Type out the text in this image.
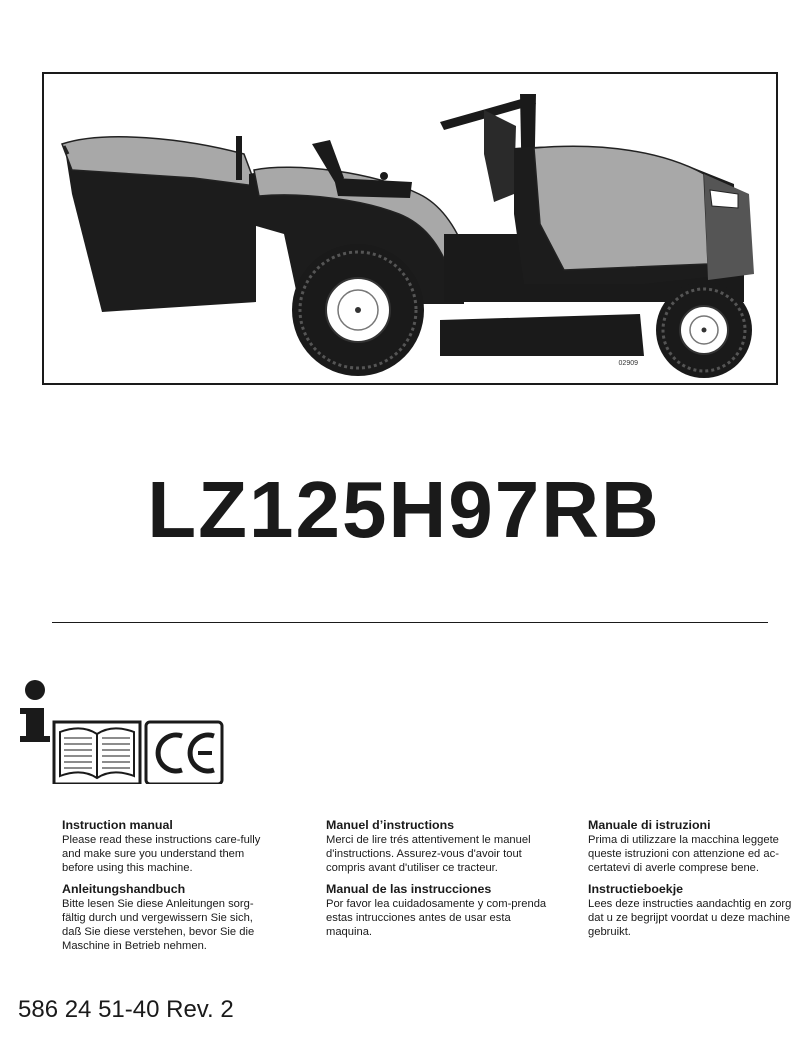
02909
LZ125H97RB
Instruction manual

Please read these instructions care-fully and make sure you understand them before using this machine.

Anleitungshandbuch

Bitte lesen Sie diese Anleitungen sorg-fältig durch und vergewissern Sie sich, daß Sie diese verstehen, bevor Sie die Maschine in Betrieb nehmen.

Manuel d’instructions

Merci de lire trés attentivement le manuel d'instructions. Assurez-vous d'avoir tout compris avant d'utiliser ce tracteur.

Manual de las instrucciones

Por favor lea cuidadosamente y com-prenda estas intrucciones antes de usar esta maquina.

Manuale di istruzioni

Prima di utilizzare la macchina leggete queste istruzioni con attenzione ed ac-certatevi di averle comprese bene.

Instructieboekje

Lees deze instructies aandachtig en zorg dat u ze begrijpt voordat u deze machine gebruikt.

586 24 51-40 Rev. 2
